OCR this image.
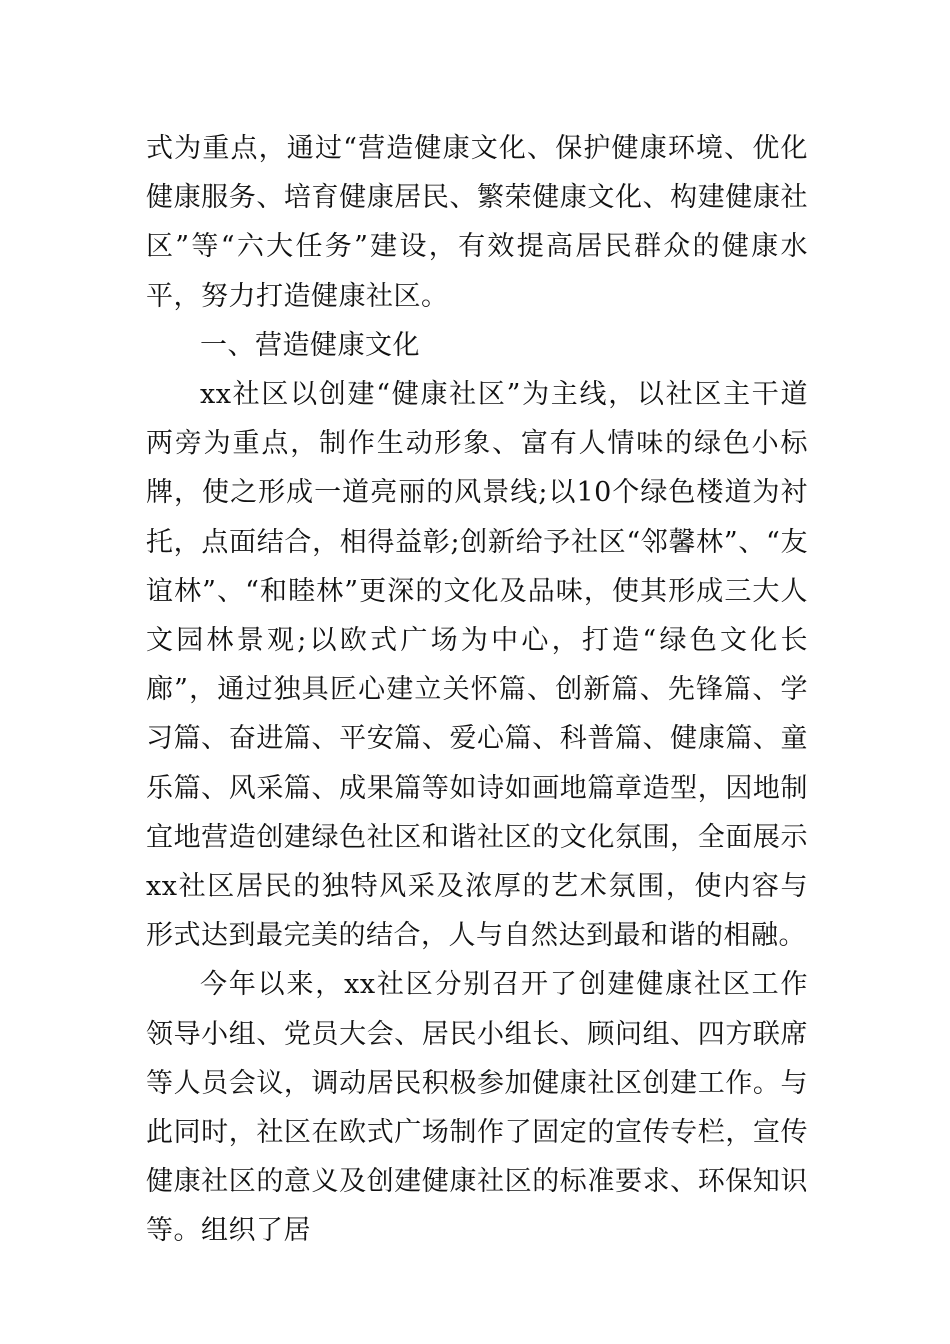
式为重点，通过“营造健康文化、保护健康环境、优化健康服务、培育健康居民、繁荣健康文化、构建健康社区”等“六大任务”建设，有效提高居民群众的健康水平，努力打造健康社区。

一、营造健康文化

xx社区以创建“健康社区”为主线，以社区主干道两旁为重点，制作生动形象、富有人情味的绿色小标牌，使之形成一道亮丽的风景线;以10个绿色楼道为衬托，点面结合，相得益彰;创新给予社区“邻馨林”、“友谊林”、“和睦林”更深的文化及品味，使其形成三大人文园林景观;以欧式广场为中心，打造“绿色文化长廊”，通过独具匠心建立关怀篇、创新篇、先锋篇、学习篇、奋进篇、平安篇、爱心篇、科普篇、健康篇、童乐篇、风采篇、成果篇等如诗如画地篇章造型，因地制宜地营造创建绿色社区和谐社区的文化氛围，全面展示xx社区居民的独特风采及浓厚的艺术氛围，使内容与形式达到最完美的结合，人与自然达到最和谐的相融。

今年以来，xx社区分别召开了创建健康社区工作领导小组、党员大会、居民小组长、顾问组、四方联席等人员会议，调动居民积极参加健康社区创建工作。与此同时，社区在欧式广场制作了固定的宣传专栏，宣传健康社区的意义及创建健康社区的标准要求、环保知识等。组织了居
